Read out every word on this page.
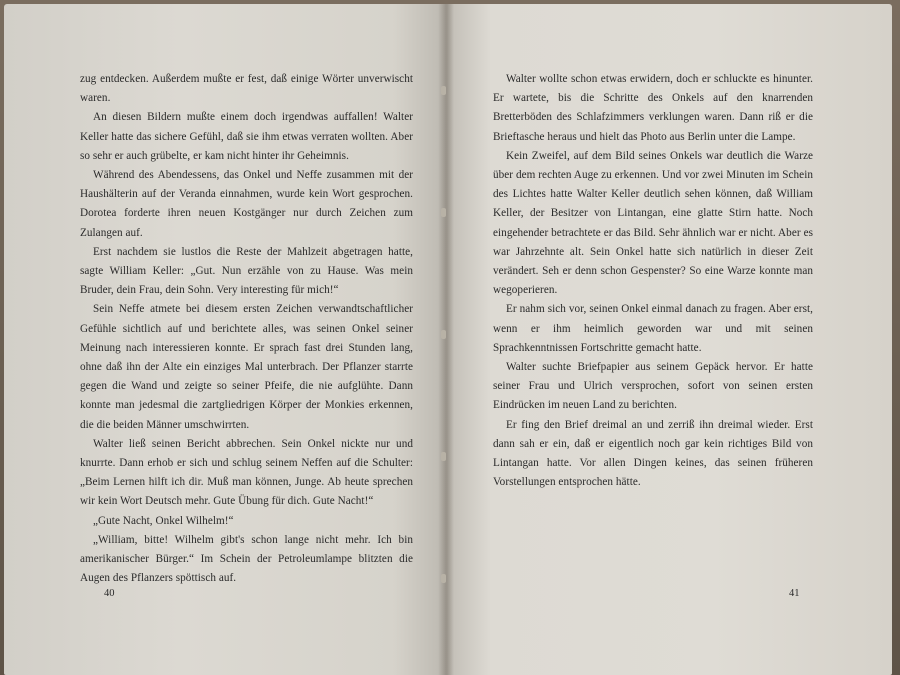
zug entdecken. Außerdem mußte er fest, daß einige Wörter unverwischt waren.

An diesen Bildern mußte einem doch irgendwas auffallen! Walter Keller hatte das sichere Gefühl, daß sie ihm etwas verraten wollten. Aber so sehr er auch grübelte, er kam nicht hinter ihr Geheimnis.

Während des Abendessens, das Onkel und Neffe zusammen mit der Haushälterin auf der Veranda einnahmen, wurde kein Wort gesprochen. Dorotea forderte ihren neuen Kostgänger nur durch Zeichen zum Zulangen auf.

Erst nachdem sie lustlos die Reste der Mahlzeit abgetragen hatte, sagte William Keller: „Gut. Nun erzähle von zu Hause. Was mein Bruder, dein Frau, dein Sohn. Very interesting für mich!“

Sein Neffe atmete bei diesem ersten Zeichen verwandtschaftlicher Gefühle sichtlich auf und berichtete alles, was seinen Onkel seiner Meinung nach interessieren konnte. Er sprach fast drei Stunden lang, ohne daß ihn der Alte ein einziges Mal unterbrach. Der Pflanzer starrte gegen die Wand und zeigte so seiner Pfeife, die nie aufglühte. Dann konnte man jedesmal die zartgliedrigen Körper der Monkies erkennen, die die beiden Männer umschwirrten.

Walter ließ seinen Bericht abbrechen. Sein Onkel nickte nur und knurrte. Dann erhob er sich und schlug seinem Neffen auf die Schulter: „Beim Lernen hilft ich dir. Muß man können, Junge. Ab heute sprechen wir kein Wort Deutsch mehr. Gute Übung für dich. Gute Nacht!“

„Gute Nacht, Onkel Wilhelm!“

„William, bitte! Wilhelm gibt's schon lange nicht mehr. Ich bin amerikanischer Bürger.“ Im Schein der Petroleumlampe blitzten die Augen des Pflanzers spöttisch auf.

40

Walter wollte schon etwas erwidern, doch er schluckte es hinunter. Er wartete, bis die Schritte des Onkels auf den knarrenden Bretterböden des Schlafzimmers verklungen waren. Dann riß er die Brieftasche heraus und hielt das Photo aus Berlin unter die Lampe.

Kein Zweifel, auf dem Bild seines Onkels war deutlich die Warze über dem rechten Auge zu erkennen. Und vor zwei Minuten im Schein des Lichtes hatte Walter Keller deutlich sehen können, daß William Keller, der Besitzer von Lintangan, eine glatte Stirn hatte. Noch eingehender betrachtete er das Bild. Sehr ähnlich war er nicht. Aber es war Jahrzehnte alt. Sein Onkel hatte sich natürlich in dieser Zeit verändert. Seh er denn schon Gespenster? So eine Warze konnte man wegoperieren.

Er nahm sich vor, seinen Onkel einmal danach zu fragen. Aber erst, wenn er ihm heimlich geworden war und mit seinen Sprachkenntnissen Fortschritte gemacht hatte.

Walter suchte Briefpapier aus seinem Gepäck hervor. Er hatte seiner Frau und Ulrich versprochen, sofort von seinen ersten Eindrücken im neuen Land zu berichten.

Er fing den Brief dreimal an und zerriß ihn dreimal wieder. Erst dann sah er ein, daß er eigentlich noch gar kein richtiges Bild von Lintangan hatte. Vor allen Dingen keines, das seinen früheren Vorstellungen entsprochen hätte.

41
